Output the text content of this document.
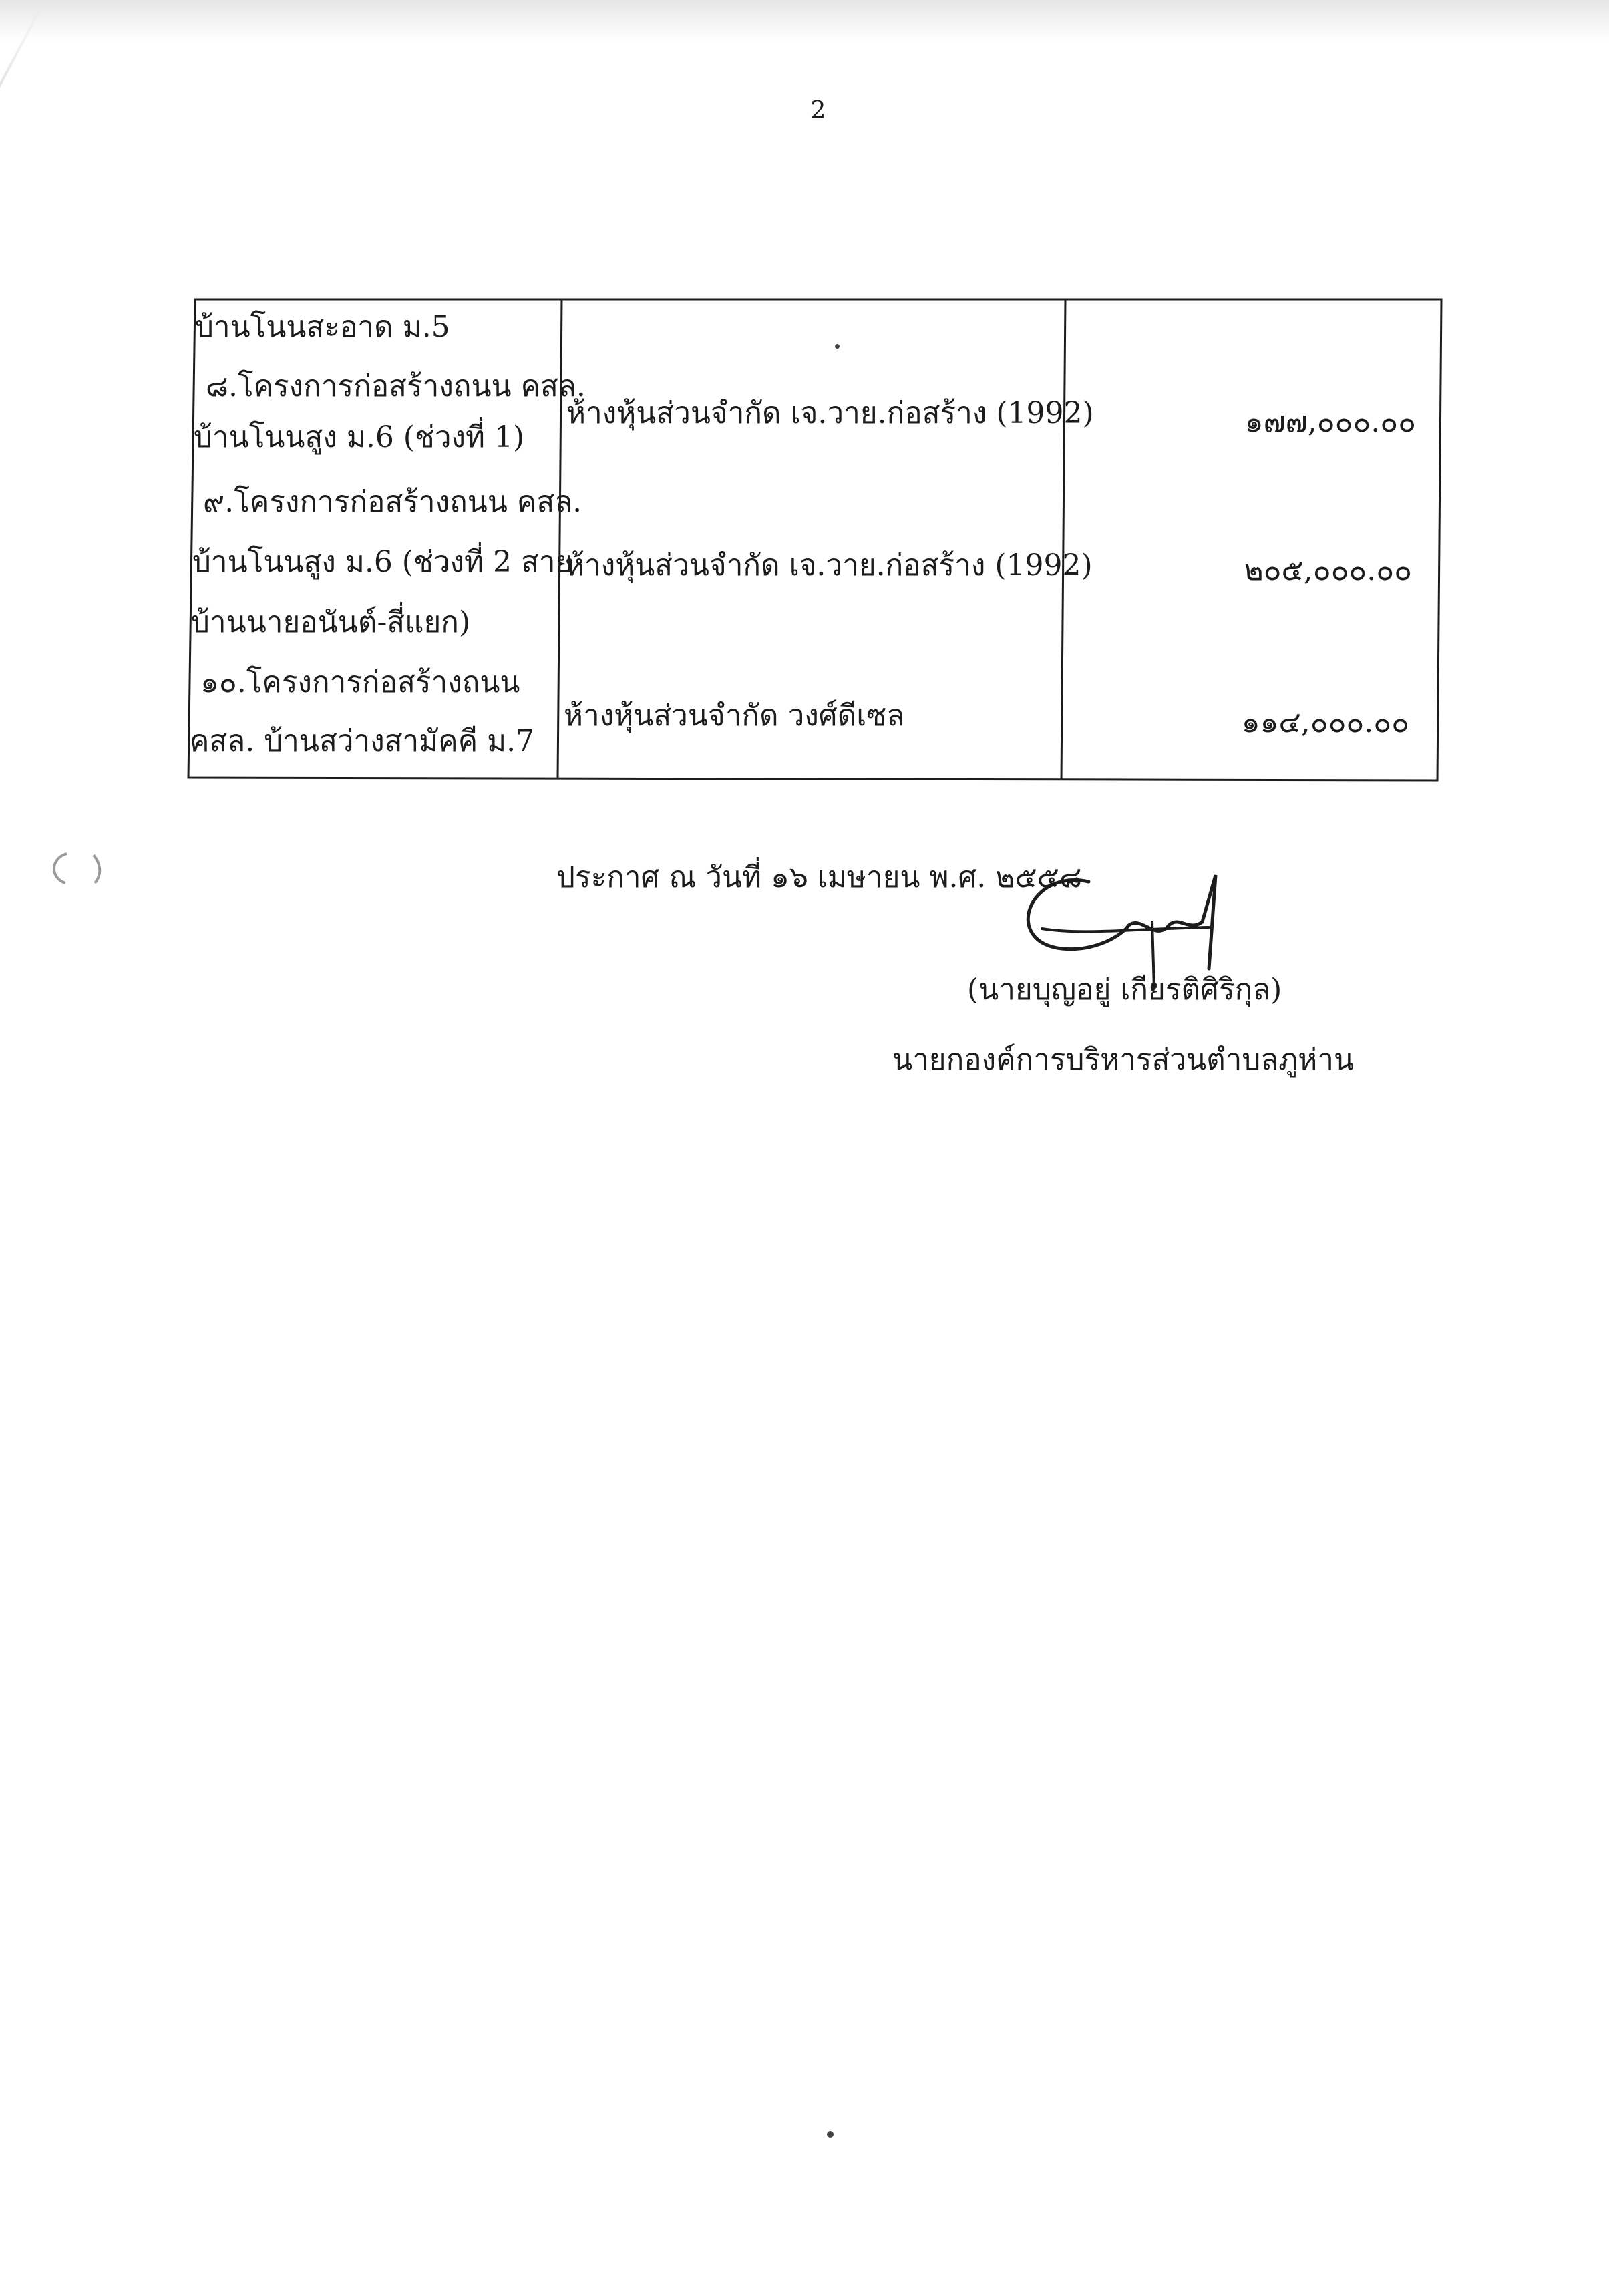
2
บ้านโนนสะอาด ม.5
๘.โครงการก่อสร้างถนน คสล.
บ้านโนนสูง ม.6 (ช่วงที่ 1)
ห้างหุ้นส่วนจำกัด เจ.วาย.ก่อสร้าง (1992)	๑๗๗,๐๐๐.๐๐
๙.โครงการก่อสร้างถนน คสล.
บ้านโนนสูง ม.6 (ช่วงที่ 2 สาย
บ้านนายอนันต์-สี่แยก)
ห้างหุ้นส่วนจำกัด เจ.วาย.ก่อสร้าง (1992)	๒๐๕,๐๐๐.๐๐
๑๐.โครงการก่อสร้างถนน
คสล. บ้านสว่างสามัคคี ม.7
ห้างหุ้นส่วนจำกัด วงศ์ดีเซล	๑๑๔,๐๐๐.๐๐
ประกาศ ณ วันที่ ๑๖ เมษายน พ.ศ. ๒๕๕๘
(นายบุญอยู่ เกียรติศิริกุล)
นายกองค์การบริหารส่วนตำบลภูห่าน
